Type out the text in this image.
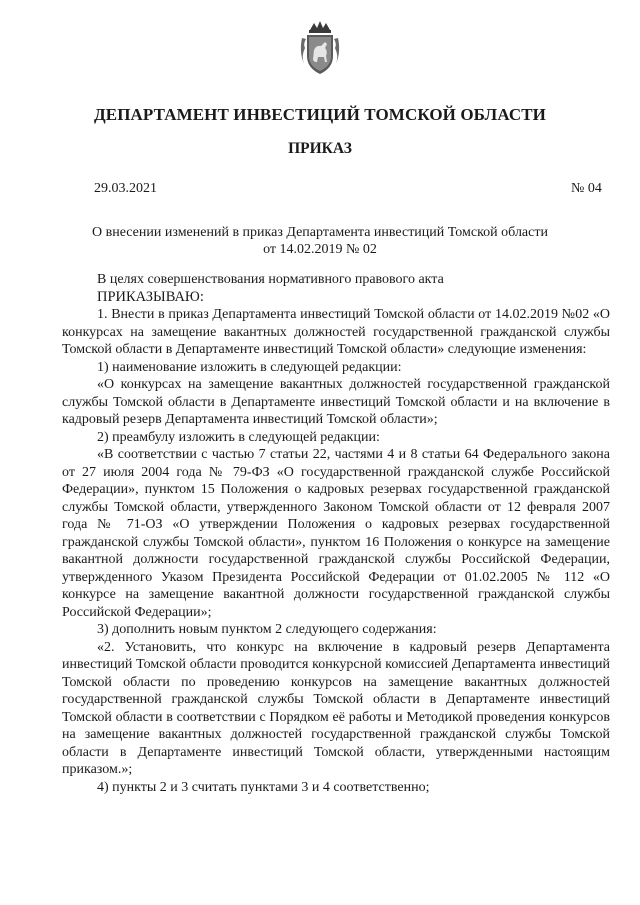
ДЕПАРТАМЕНТ ИНВЕСТИЦИЙ ТОМСКОЙ ОБЛАСТИ
ПРИКАЗ
29.03.2021	№ 04
О внесении изменений в приказ Департамента инвестиций Томской области
от 14.02.2019 № 02

В целях совершенствования нормативного правового акта

ПРИКАЗЫВАЮ:

1. Внести в приказ Департамента инвестиций Томской области от 14.02.2019 №02 «О конкурсах на замещение вакантных должностей государственной гражданской службы Томской области в Департаменте инвестиций Томской области» следующие изменения:

1) наименование изложить в следующей редакции:

«О конкурсах на замещение вакантных должностей государственной гражданской службы Томской области в Департаменте инвестиций Томской области и на включение в кадровый резерв Департамента инвестиций Томской области»;

2) преамбулу изложить в следующей редакции:

«В соответствии с частью 7 статьи 22, частями 4 и 8 статьи 64 Федерального закона от 27 июля 2004 года № 79-ФЗ «О государственной гражданской службе Российской Федерации», пунктом 15 Положения о кадровых резервах государственной гражданской службы Томской области, утвержденного Законом Томской области от 12 февраля 2007 года № 71-ОЗ «О утверждении Положения о кадровых резервах государственной гражданской службы Томской области», пунктом 16 Положения о конкурсе на замещение вакантной должности государственной гражданской службы Российской Федерации, утвержденного Указом Президента Российской Федерации от 01.02.2005 № 112 «О конкурсе на замещение вакантной должности государственной гражданской службы Российской Федерации»;

3) дополнить новым пунктом 2 следующего содержания:

«2. Установить, что конкурс на включение в кадровый резерв Департамента инвестиций Томской области проводится конкурсной комиссией Департамента инвестиций Томской области по проведению конкурсов на замещение вакантных должностей государственной гражданской службы Томской области в Департаменте инвестиций Томской области в соответствии с Порядком её работы и Методикой проведения конкурсов на замещение вакантных должностей государственной гражданской службы Томской области в Департаменте инвестиций Томской области, утвержденными настоящим приказом.»;

4) пункты 2 и 3 считать пунктами 3 и 4 соответственно;
